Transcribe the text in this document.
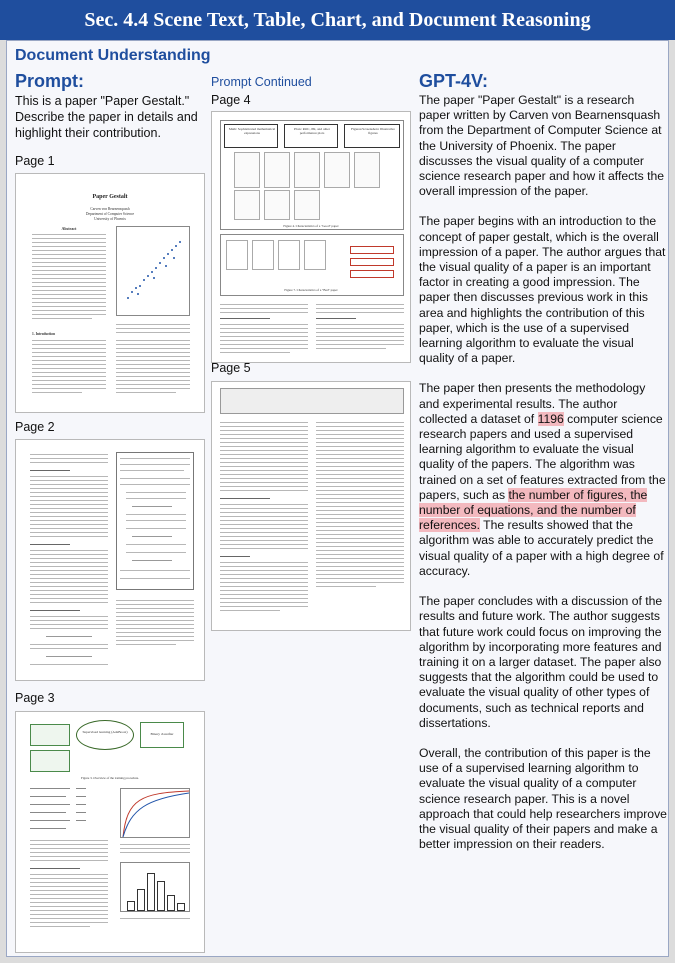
Sec. 4.4 Scene Text, Table, Chart, and Document Reasoning
Document Understanding
Prompt:
This is a paper "Paper Gestalt." Describe the paper in details and highlight their contribution.
Page 1
Paper Gestalt
Carven von Bearnensquash
Department of Computer Science
University of Phoenix
Abstract
1. Introduction
Page 2
Page 3
Supervised learning (AdaBoost)	Binary classifier
Figure 3. Overview of the training procedure.
Prompt Continued
Page 4
Math: Sophisticated mathematical expressions
Plots: ROC, PR, and other performance plots
Figures/Screenshots: Illustrative figures
Figure 4. Characteristics of a "Good" paper
Figure 7. Characteristics of a "Bad" paper
Page 5
GPT-4V:

The paper "Paper Gestalt" is a research paper written by Carven von Bearnensquash from the Department of Computer Science at the University of Phoenix. The paper discusses the visual quality of a computer science research paper and how it affects the overall impression of the paper.

The paper begins with an introduction to the concept of paper gestalt, which is the overall impression of a paper. The author argues that the visual quality of a paper is an important factor in creating a good impression. The paper then discusses previous work in this area and highlights the contribution of this paper, which is the use of a supervised learning algorithm to evaluate the visual quality of a paper.

The paper then presents the methodology and experimental results. The author collected a dataset of 1196 computer science research papers and used a supervised learning algorithm to evaluate the visual quality of the papers. The algorithm was trained on a set of features extracted from the papers, such as the number of figures, the number of equations, and the number of references. The results showed that the algorithm was able to accurately predict the visual quality of a paper with a high degree of accuracy.

The paper concludes with a discussion of the results and future work. The author suggests that future work could focus on improving the algorithm by incorporating more features and training it on a larger dataset. The paper also suggests that the algorithm could be used to evaluate the visual quality of other types of documents, such as technical reports and dissertations.

Overall, the contribution of this paper is the use of a supervised learning algorithm to evaluate the visual quality of a computer science research paper. This is a novel approach that could help researchers improve the visual quality of their papers and make a better impression on their readers.
